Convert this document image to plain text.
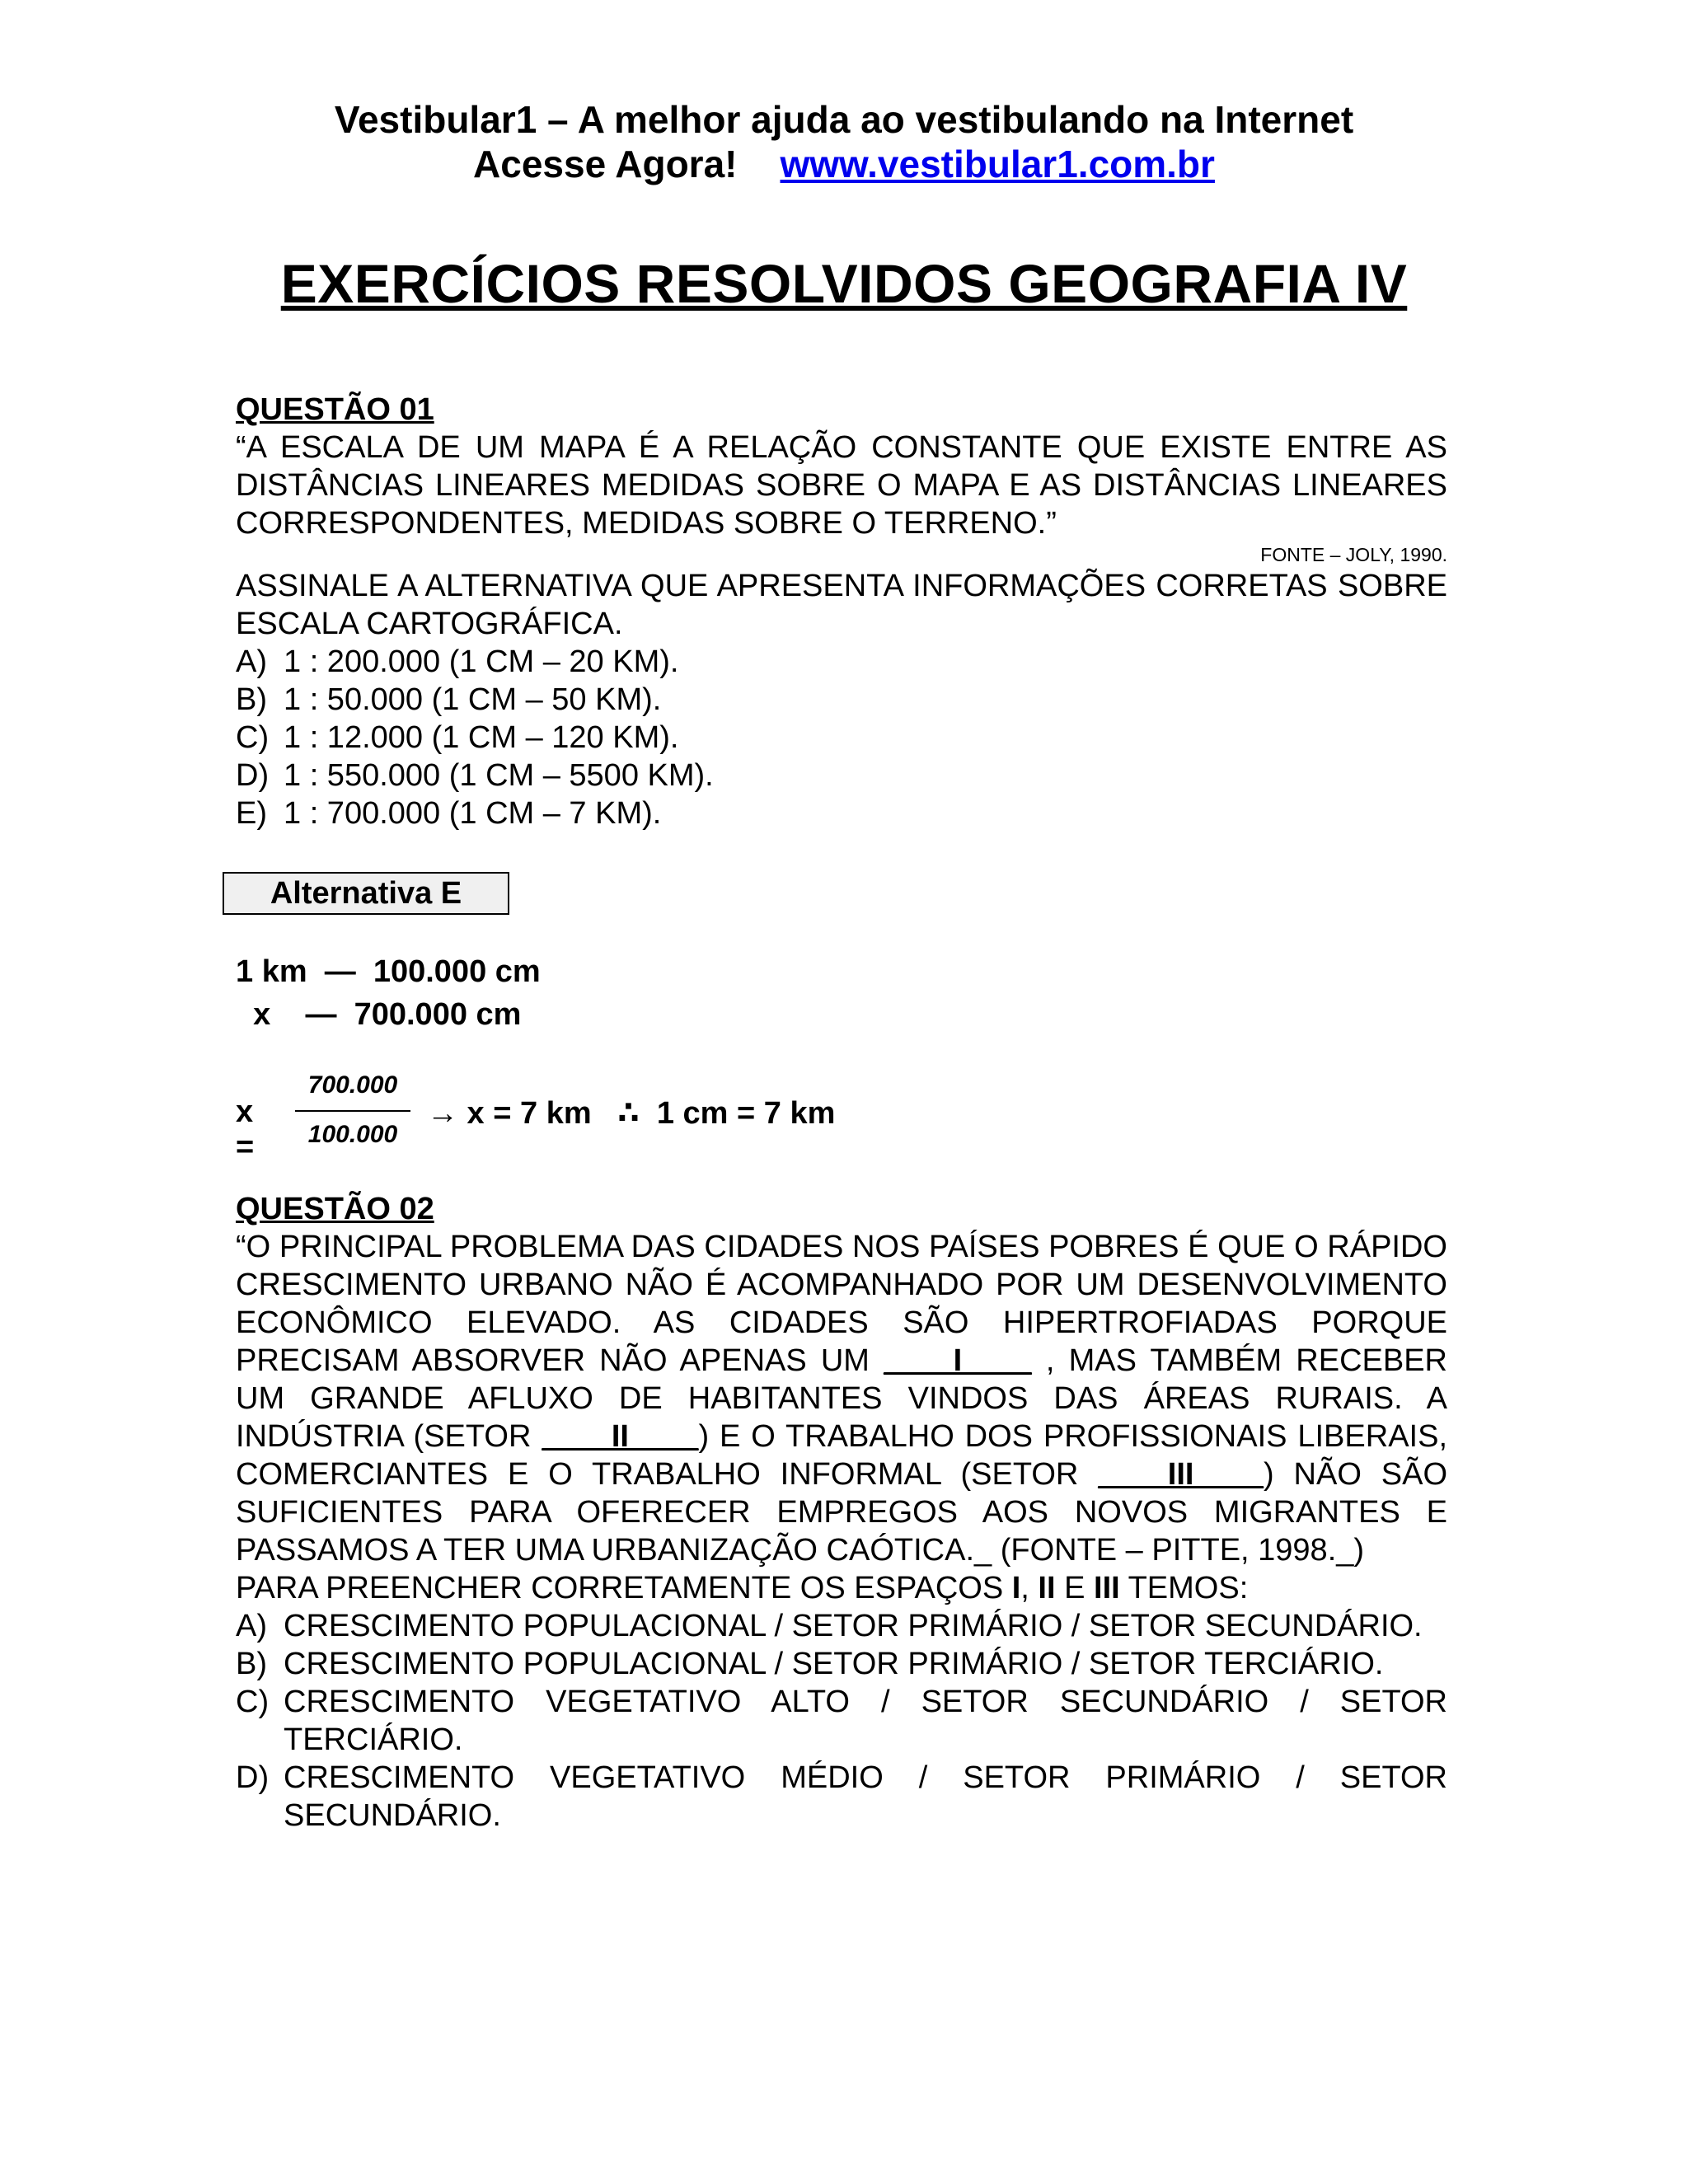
Vestibular1 – A melhor ajuda ao vestibulando na Internet
Acesse Agora! www.vestibular1.com.br
EXERCÍCIOS RESOLVIDOS GEOGRAFIA IV
QUESTÃO 01
“A ESCALA DE UM MAPA É A RELAÇÃO CONSTANTE QUE EXISTE ENTRE AS DISTÂNCIAS LINEARES MEDIDAS SOBRE O MAPA E AS DISTÂNCIAS LINEARES CORRESPONDENTES, MEDIDAS SOBRE O TERRENO.”
FONTE – JOLY, 1990.
ASSINALE A ALTERNATIVA QUE APRESENTA INFORMAÇÕES CORRETAS SOBRE ESCALA CARTOGRÁFICA.
A) 1 : 200.000 (1 CM – 20 KM).
B) 1 : 50.000 (1 CM – 50 KM).
C) 1 : 12.000 (1 CM – 120 KM).
D) 1 : 550.000 (1 CM – 5500 KM).
E) 1 : 700.000 (1 CM – 7 KM).
Alternativa E
1 km  —  100.000 cm
x    —  700.000 cm
x =
700.000
100.000
→ x = 7 km   ∴  1 cm = 7 km
QUESTÃO 02
“O PRINCIPAL PROBLEMA DAS CIDADES NOS PAÍSES POBRES É QUE O RÁPIDO CRESCIMENTO URBANO NÃO É ACOMPANHADO POR UM DESENVOLVIMENTO ECONÔMICO ELEVADO. AS CIDADES SÃO HIPERTROFIADAS PORQUE PRECISAM ABSORVER NÃO APENAS UM ____I____ , MAS TAMBÉM RECEBER UM GRANDE AFLUXO DE HABITANTES VINDOS DAS ÁREAS RURAIS. A INDÚSTRIA (SETOR ____II____) E O TRABALHO DOS PROFISSIONAIS LIBERAIS, COMERCIANTES E O TRABALHO INFORMAL (SETOR ____III____) NÃO SÃO SUFICIENTES PARA OFERECER EMPREGOS AOS NOVOS MIGRANTES E PASSAMOS A TER UMA URBANIZAÇÃO CAÓTICA._ (FONTE – PITTE, 1998._)
PARA PREENCHER CORRETAMENTE OS ESPAÇOS I, II E III TEMOS:
A) CRESCIMENTO POPULACIONAL / SETOR PRIMÁRIO / SETOR SECUNDÁRIO.
B) CRESCIMENTO POPULACIONAL / SETOR PRIMÁRIO / SETOR TERCIÁRIO.
C) CRESCIMENTO VEGETATIVO ALTO / SETOR SECUNDÁRIO / SETOR TERCIÁRIO.
D) CRESCIMENTO VEGETATIVO MÉDIO / SETOR PRIMÁRIO / SETOR SECUNDÁRIO.
